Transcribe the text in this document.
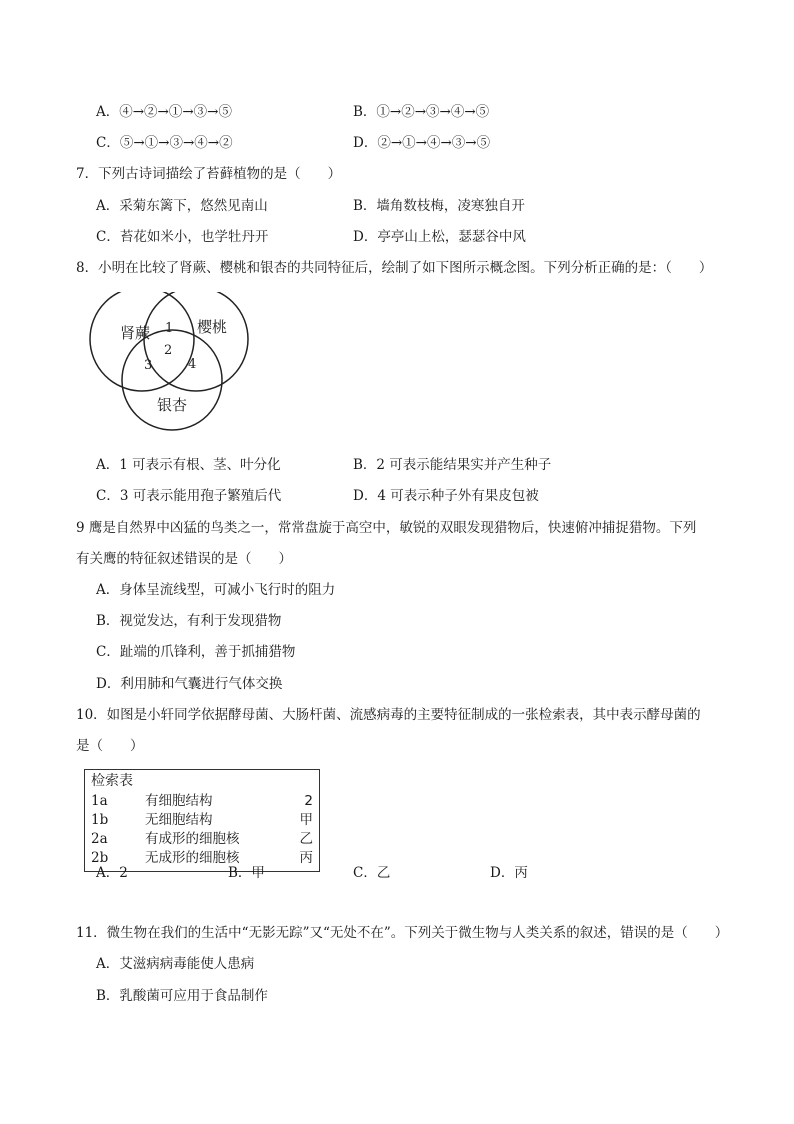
A．④→②→①→③→⑤	B．①→②→③→④→⑤
C．⑤→①→③→④→②	D．②→①→④→③→⑤
7．下列古诗词描绘了苔藓植物的是（　　）
A．采菊东篱下，悠然见南山	B．墙角数枝梅，凌寒独自开
C．苔花如米小，也学牡丹开	D．亭亭山上松，瑟瑟谷中风
8．小明在比较了肾蕨、樱桃和银杏的共同特征后，绘制了如下图所示概念图。下列分析正确的是：（　　）
肾蕨	樱桃
银杏
1
2
3	4
A．1 可表示有根、茎、叶分化	B．2 可表示能结果实并产生种子
C．3 可表示能用孢子繁殖后代	D．4 可表示种子外有果皮包被
9 鹰是自然界中凶猛的鸟类之一，常常盘旋于高空中，敏锐的双眼发现猎物后，快速俯冲捕捉猎物。下列
有关鹰的特征叙述错误的是（　　）
A．身体呈流线型，可减小飞行时的阻力
B．视觉发达，有利于发现猎物
C．趾端的爪锋利，善于抓捕猎物
D．利用肺和气囊进行气体交换
10．如图是小轩同学依据酵母菌、大肠杆菌、流感病毒的主要特征制成的一张检索表，其中表示酵母菌的
是（　　）
检索表
1a	有细胞结构	2
1b	无细胞结构	甲
2a	有成形的细胞核	乙
2b	无成形的细胞核	丙
A．2	B．甲	C．乙	D．丙
11．微生物在我们的生活中“无影无踪”又“无处不在”。下列关于微生物与人类关系的叙述，错误的是（　　）
A．艾滋病病毒能使人患病
B．乳酸菌可应用于食品制作
